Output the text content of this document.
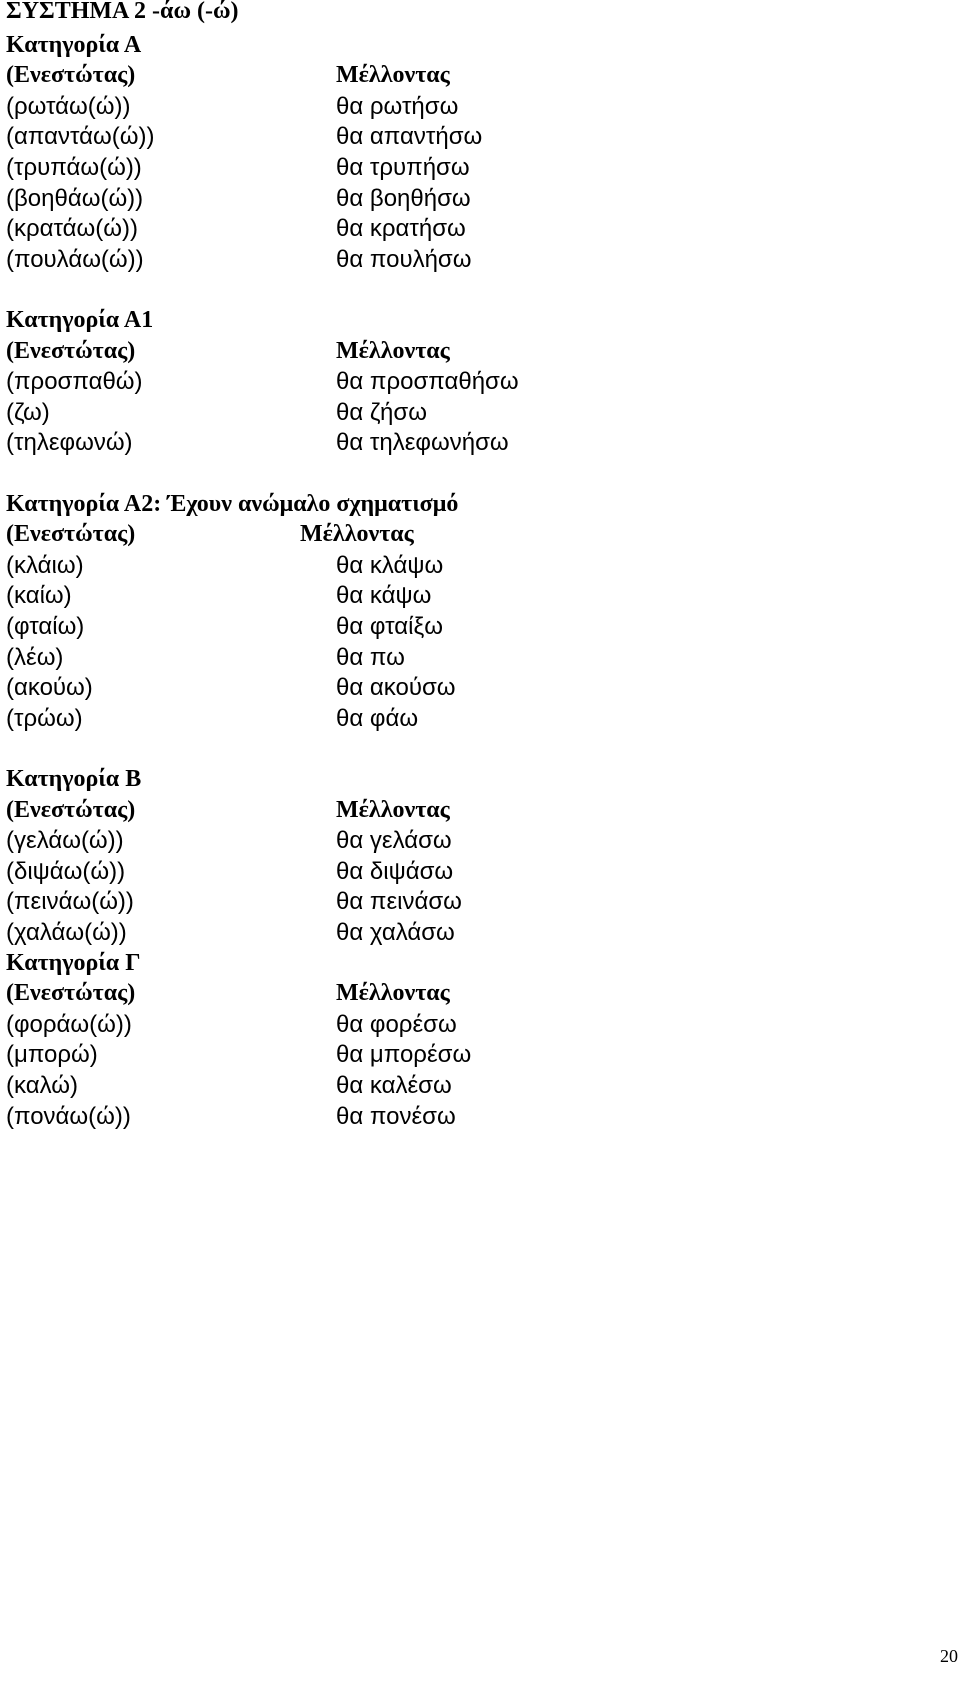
ΣΥΣΤΗΜΑ 2 -άω (-ώ)
Κατηγορία Α
(Ενεστώτας)	Μέλλοντας
(ρωτάω(ώ))	θα ρωτήσω
(απαντάω(ώ))	θα απαντήσω
(τρυπάω(ώ))	θα τρυπήσω
(βοηθάω(ώ))	θα βοηθήσω
(κρατάω(ώ))	θα κρατήσω
(πουλάω(ώ))	θα πουλήσω
Κατηγορία Α1
(Ενεστώτας)	Μέλλοντας
(προσπαθώ)	θα προσπαθήσω
(ζω)	θα ζήσω
(τηλεφωνώ)	θα τηλεφωνήσω
Κατηγορία Α2: Έχουν ανώμαλο σχηματισμό
(Ενεστώτας)	Μέλλοντας
(κλάιω)	θα κλάψω
(καίω)	θα κάψω
(φταίω)	θα φταίξω
(λέω)	θα πω
(ακούω)	θα ακούσω
(τρώω)	θα φάω
Κατηγορία Β
(Ενεστώτας)	Μέλλοντας
(γελάω(ώ))	θα γελάσω
(διψάω(ώ))	θα διψάσω
(πεινάω(ώ))	θα πεινάσω
(χαλάω(ώ))	θα χαλάσω
Κατηγορία Γ
(Ενεστώτας)	Μέλλοντας
(φοράω(ώ))	θα φορέσω
(μπορώ)	θα μπορέσω
(καλώ)	θα καλέσω
(πονάω(ώ))	θα πονέσω
20
